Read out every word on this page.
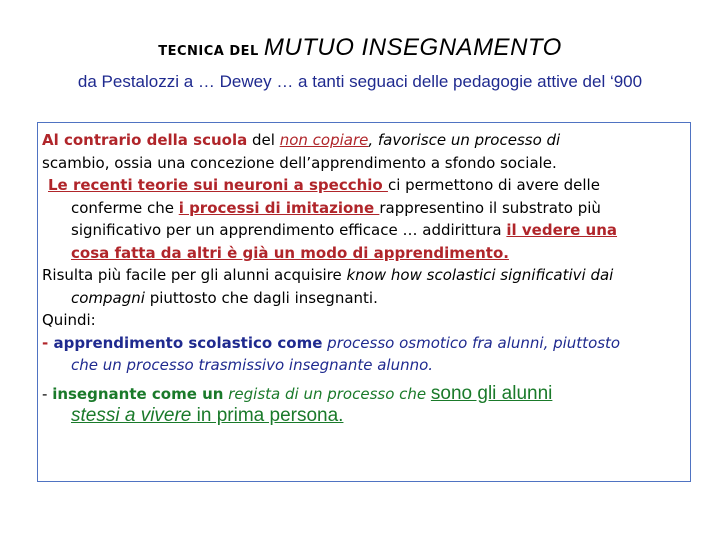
TECNICA DEL MUTUO INSEGNAMENTO
da Pestalozzi a … Dewey … a tanti seguaci delle pedagogie attive del ‘900

Al contrario della scuola del non copiare, favorisce un processo di

scambio, ossia una concezione dell’apprendimento a sfondo sociale.

Le recenti teorie sui neuroni a specchio ci permettono di avere delle

conferme che i processi di imitazione rappresentino il substrato più

significativo per un apprendimento efficace … addirittura il vedere una

cosa fatta da altri è già un modo di apprendimento.

Risulta più facile per gli alunni acquisire know how scolastici significativi dai

compagni piuttosto che dagli insegnanti.

Quindi:

- apprendimento scolastico come processo osmotico fra alunni, piuttosto

che un processo trasmissivo insegnante alunno.

- insegnante come un regista di un processo che sono gli alunni

stessi a vivere in prima persona.
